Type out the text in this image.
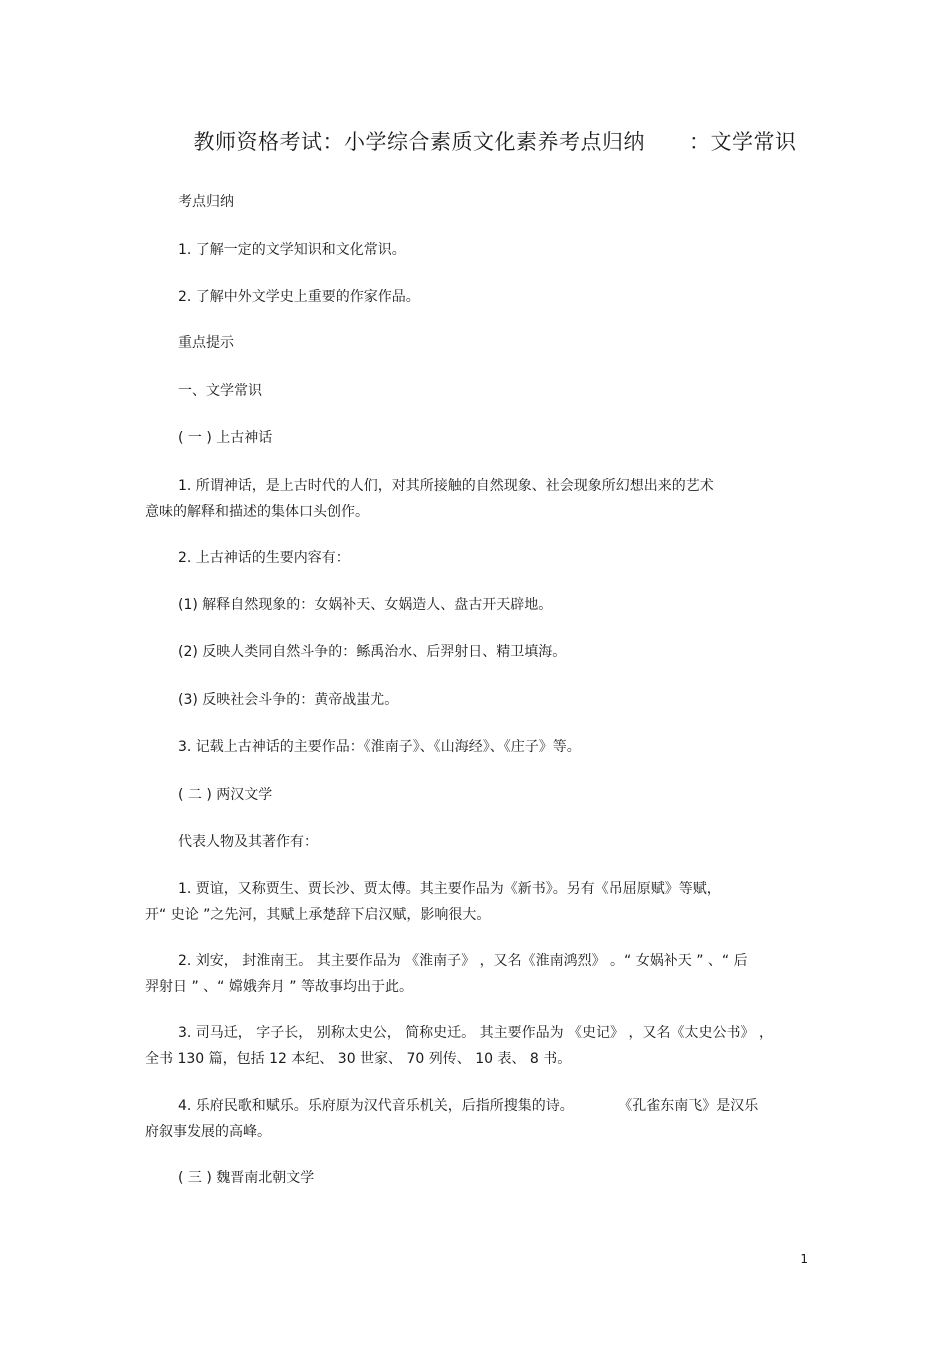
教师资格考试：小学综合素质文化素养考点归纳 ：文学常识
考点归纳
1. 了解一定的文学知识和文化常识。
2. 了解中外文学史上重要的作家作品。
重点提示
一、文学常识
( 一 ) 上古神话
1. 所谓神话，是上古时代的人们，对其所接触的自然现象、社会现象所幻想出来的艺术
意味的解释和描述的集体口头创作。
2. 上古神话的生要内容有：
(1) 解释自然现象的：女娲补天、女娲造人、盘古开天辟地。
(2) 反映人类同自然斗争的：鲧禹治水、后羿射日、精卫填海。
(3) 反映社会斗争的：黄帝战蚩尤。
3. 记载上古神话的主要作品：《淮南子》、《山海经》、《庄子》等。
( 二 ) 两汉文学
代表人物及其著作有：
1. 贾谊，又称贾生、贾长沙、贾太傅。其主要作品为《新书》。另有《吊屈原赋》等赋，
开“ 史论 ”之先河，其赋上承楚辞下启汉赋，影响很大。
2. 刘安， 封淮南王。 其主要作品为 《淮南子》 ，又名《淮南鸿烈》 。“ 女娲补天 ” 、“ 后
羿射日 ” 、“ 嫦娥奔月 ” 等故事均出于此。
3. 司马迁， 字子长， 别称太史公， 简称史迁。 其主要作品为 《史记》 ，又名《太史公书》 ，
全书 130 篇，包括 12 本纪、 30 世家、 70 列传、 10 表、 8 书。
4. 乐府民歌和赋乐。乐府原为汉代音乐机关，后指所搜集的诗。          《孔雀东南飞》是汉乐
府叙事发展的高峰。
( 三 ) 魏晋南北朝文学
1
